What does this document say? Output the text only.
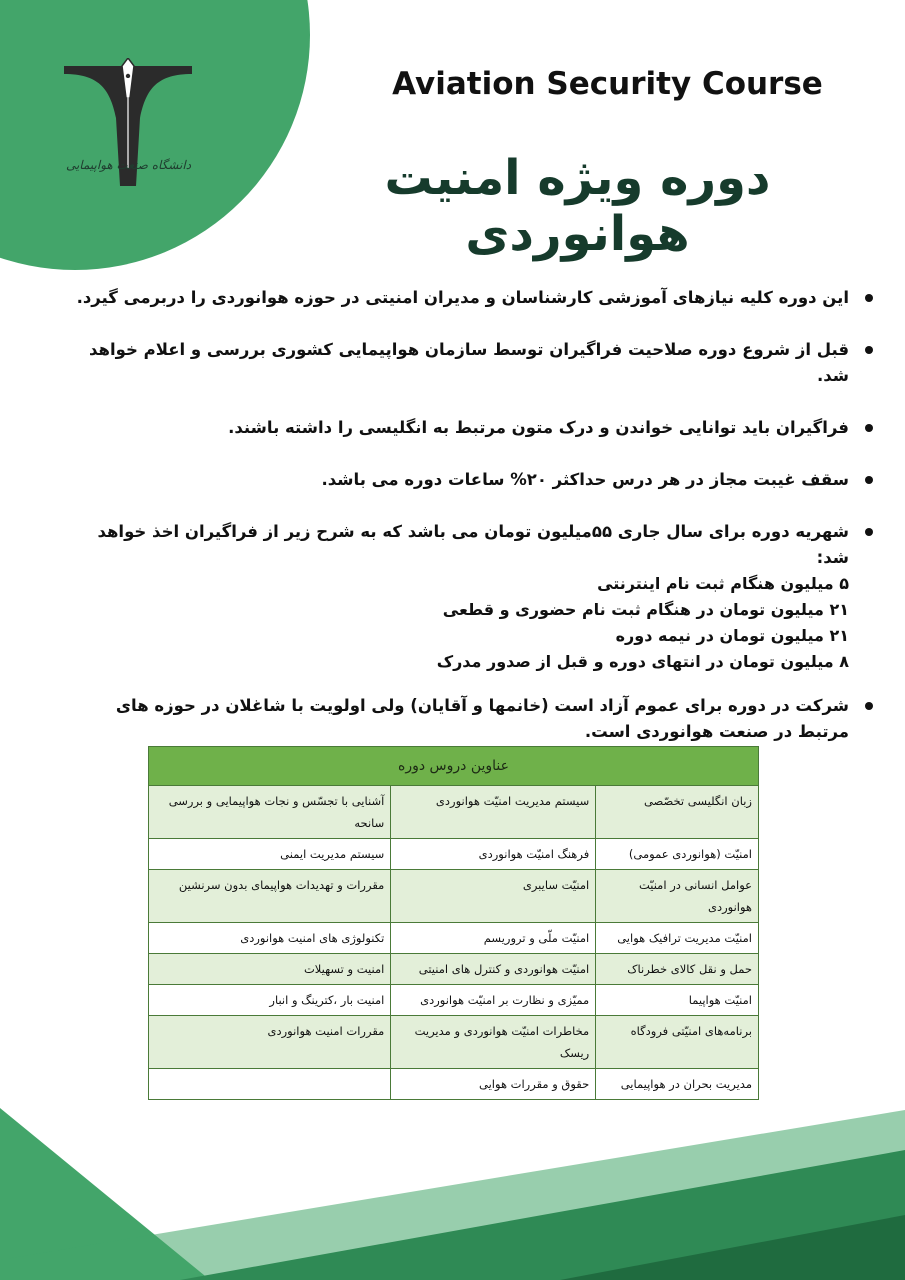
دانشگاه صنعت هواپیمایی
Aviation Security Course
دوره ویژه امنیت هوانوردی
این دوره کلیه نیازهای آموزشی کارشناسان و مدیران امنیتی در حوزه هوانوردی را دربرمی گیرد.
قبل از شروع دوره صلاحیت فراگیران توسط سازمان هواپیمایی کشوری بررسی و اعلام خواهد شد.
فراگیران باید توانایی خواندن و درک متون مرتبط به انگلیسی را داشته باشند.
سقف غیبت مجاز در هر درس حداکثر ۲۰% ساعات دوره می باشد.
شهریه دوره برای سال جاری ۵۵میلیون تومان می باشد که به شرح زیر از فراگیران اخذ خواهد شد:
۵ میلیون هنگام ثبت نام اینترنتی
۲۱ میلیون تومان در هنگام ثبت نام حضوری و قطعی
۲۱ میلیون تومان در نیمه دوره
۸ میلیون تومان در انتهای دوره و قبل از صدور مدرک
شرکت در دوره برای عموم آزاد است (خانمها و آقایان) ولی اولویت با شاغلان در حوزه های مرتبط در صنعت هوانوردی است.
عناوین دروس دوره		
زبان انگلیسی تخصّصی	سیستم مدیریت امنیّت هوانوردی	آشنایی با تجسّس و نجات هواپیمایی و بررسی سانحه
امنیّت (هوانوردی عمومی)	فرهنگ امنیّت هوانوردی	سیستم مدیریت ایمنی
عوامل انسانی در امنیّت هوانوردی	امنیّت سایبری	مقررات و تهدیدات هواپیمای بدون سرنشین
امنیّت مدیریت ترافیک هوایی	امنیّت ملّی و تروریسم	تکنولوژی های امنیت هوانوردی
حمل و نقل کالای خطرناک	امنیّت هوانوردی و کنترل های امنیتی	امنیت و تسهیلات
امنیّت هواپیما	ممیّزی و نظارت بر امنیّت هوانوردی	امنیت بار ،کترینگ و انبار
برنامه‌های امنیّتی فرودگاه	مخاطرات امنیّت هوانوردی و مدیریت ریسک	مقررات امنیت هوانوردی
مدیریت بحران در هواپیمایی	حقوق و مقررات هوایی	
